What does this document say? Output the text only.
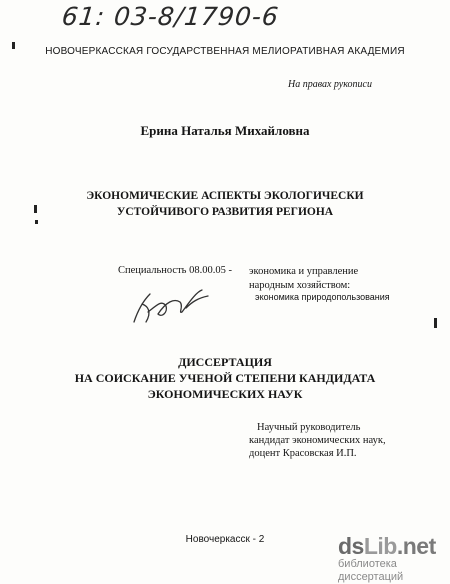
61: 03-8/1790-6
НОВОЧЕРКАССКАЯ ГОСУДАРСТВЕННАЯ МЕЛИОРАТИВНАЯ АКАДЕМИЯ
На правах рукописи
Ерина Наталья Михайловна
ЭКОНОМИЧЕСКИЕ АСПЕКТЫ ЭКОЛОГИЧЕСКИ
УСТОЙЧИВОГО РАЗВИТИЯ РЕГИОНА
Специальность 08.00.05 - экономика и управление
народным хозяйством:
экономика природопользования
ДИССЕРТАЦИЯ
НА СОИСКАНИЕ УЧЕНОЙ СТЕПЕНИ КАНДИДАТА
ЭКОНОМИЧЕСКИХ НАУК
Научный руководитель
кандидат экономических наук,
доцент Красовская И.П.
Новочеркасск - 2	dsLib.net
библиотека диссертаций
